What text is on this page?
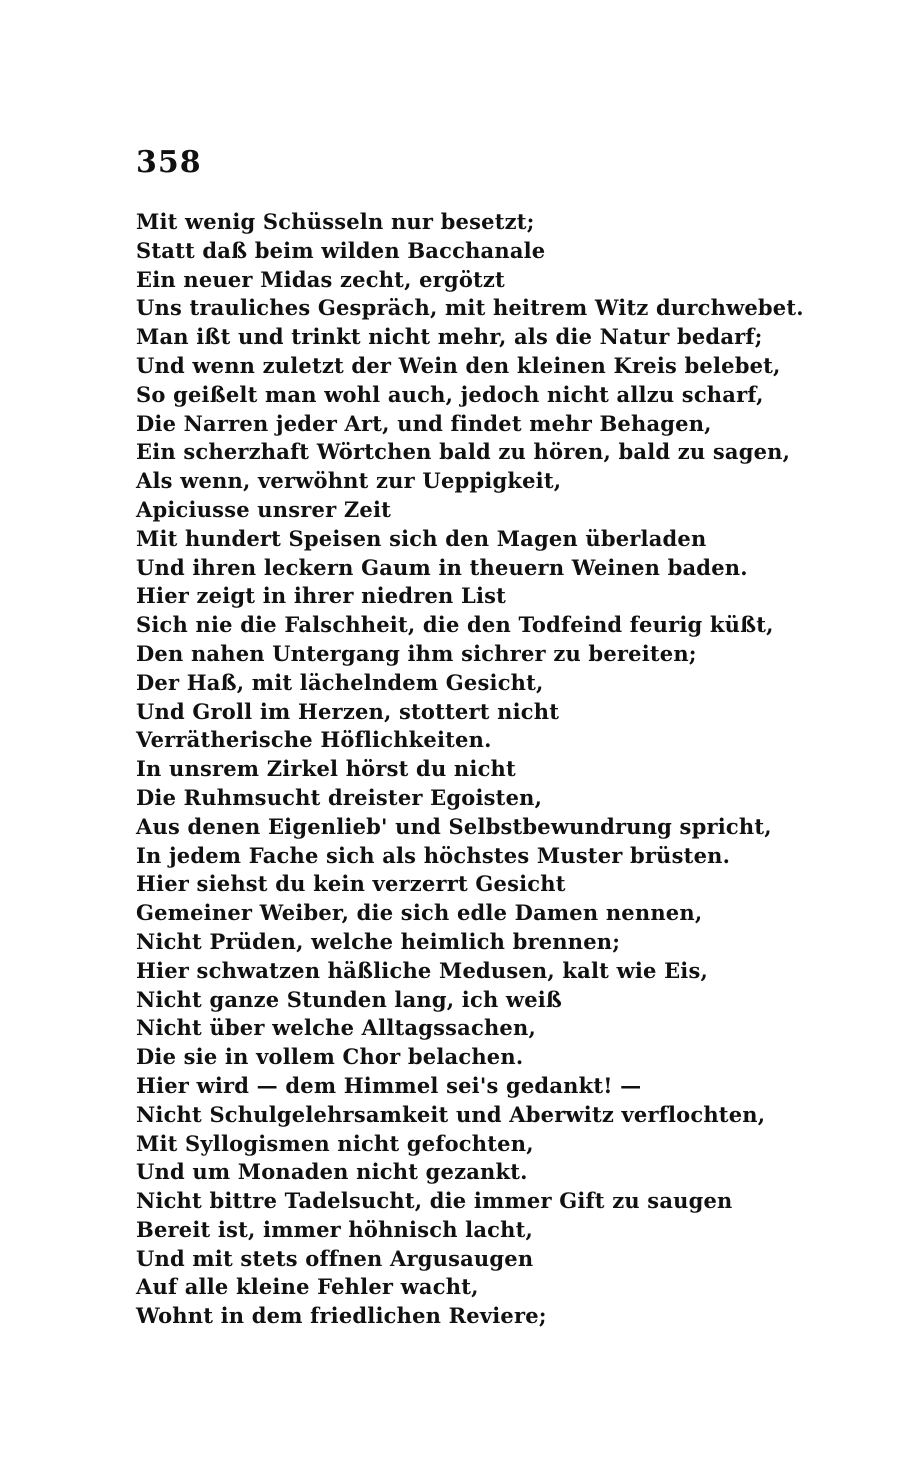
358
Mit wenig Schüsseln nur besetzt;
Statt daß beim wilden Bacchanale
Ein neuer Midas zecht, ergötzt
Uns trauliches Gespräch, mit heitrem Witz durchwebet.
Man ißt und trinkt nicht mehr, als die Natur bedarf;
Und wenn zuletzt der Wein den kleinen Kreis belebet,
So geißelt man wohl auch, jedoch nicht allzu scharf,
Die Narren jeder Art, und findet mehr Behagen,
Ein scherzhaft Wörtchen bald zu hören, bald zu sagen,
Als wenn, verwöhnt zur Ueppigkeit,
Apiciusse unsrer Zeit
Mit hundert Speisen sich den Magen überladen
Und ihren leckern Gaum in theuern Weinen baden.
Hier zeigt in ihrer niedren List
Sich nie die Falschheit, die den Todfeind feurig küßt,
Den nahen Untergang ihm sichrer zu bereiten;
Der Haß, mit lächelndem Gesicht,
Und Groll im Herzen, stottert nicht
Verrätherische Höflichkeiten.
In unsrem Zirkel hörst du nicht
Die Ruhmsucht dreister Egoisten,
Aus denen Eigenlieb' und Selbstbewundrung spricht,
In jedem Fache sich als höchstes Muster brüsten.
Hier siehst du kein verzerrt Gesicht
Gemeiner Weiber, die sich edle Damen nennen,
Nicht Prüden, welche heimlich brennen;
Hier schwatzen häßliche Medusen, kalt wie Eis,
Nicht ganze Stunden lang, ich weiß
Nicht über welche Alltagssachen,
Die sie in vollem Chor belachen.
Hier wird — dem Himmel sei's gedankt! —
Nicht Schulgelehrsamkeit und Aberwitz verflochten,
Mit Syllogismen nicht gefochten,
Und um Monaden nicht gezankt.
Nicht bittre Tadelsucht, die immer Gift zu saugen
Bereit ist, immer höhnisch lacht,
Und mit stets offnen Argusaugen
Auf alle kleine Fehler wacht,
Wohnt in dem friedlichen Reviere;
